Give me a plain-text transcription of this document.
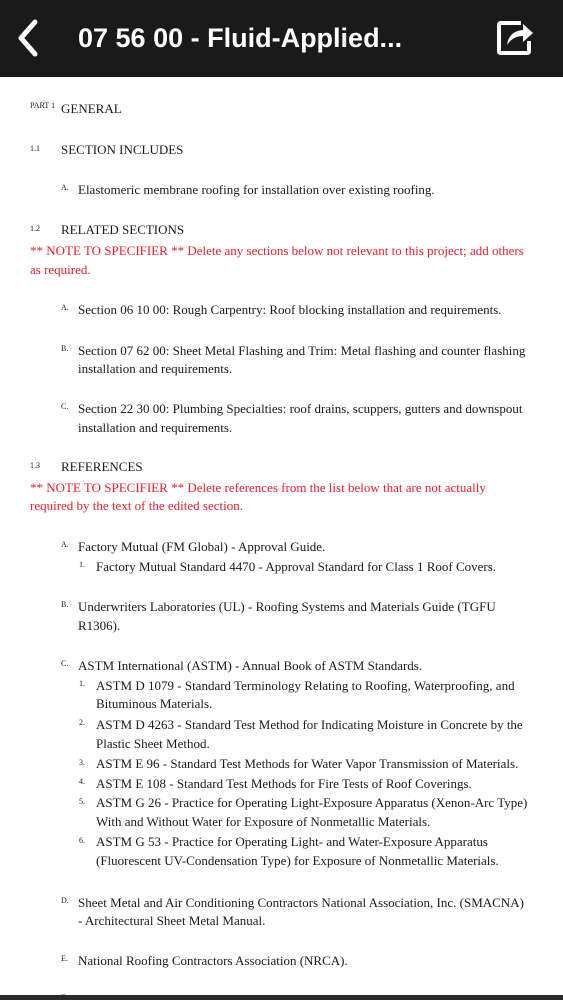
07 56 00 - Fluid-Applied...
PART 1 GENERAL
1.1 SECTION INCLUDES
A. Elastomeric membrane roofing for installation over existing roofing.
1.2 RELATED SECTIONS
** NOTE TO SPECIFIER ** Delete any sections below not relevant to this project; add others
as required.
A. Section 06 10 00: Rough Carpentry: Roof blocking installation and requirements.
B. Section 07 62 00: Sheet Metal Flashing and Trim: Metal flashing and counter flashing
installation and requirements.
C. Section 22 30 00: Plumbing Specialties: roof drains, scuppers, gutters and downspout
installation and requirements.
1.3 REFERENCES
** NOTE TO SPECIFIER ** Delete references from the list below that are not actually
required by the text of the edited section.
A. Factory Mutual (FM Global) - Approval Guide.
1. Factory Mutual Standard 4470 - Approval Standard for Class 1 Roof Covers.
B. Underwriters Laboratories (UL) - Roofing Systems and Materials Guide (TGFU
R1306).
C. ASTM International (ASTM) - Annual Book of ASTM Standards.
1. ASTM D 1079 - Standard Terminology Relating to Roofing, Waterproofing, and
Bituminous Materials.
2. ASTM D 4263 - Standard Test Method for Indicating Moisture in Concrete by the
Plastic Sheet Method.
3. ASTM E 96 - Standard Test Methods for Water Vapor Transmission of Materials.
4. ASTM E 108 - Standard Test Methods for Fire Tests of Roof Coverings.
5. ASTM G 26 - Practice for Operating Light-Exposure Apparatus (Xenon-Arc Type)
With and Without Water for Exposure of Nonmetallic Materials.
6. ASTM G 53 - Practice for Operating Light- and Water-Exposure Apparatus
(Fluorescent UV-Condensation Type) for Exposure of Nonmetallic Materials.
D. Sheet Metal and Air Conditioning Contractors National Association, Inc. (SMACNA)
- Architectural Sheet Metal Manual.
E. National Roofing Contractors Association (NRCA).
